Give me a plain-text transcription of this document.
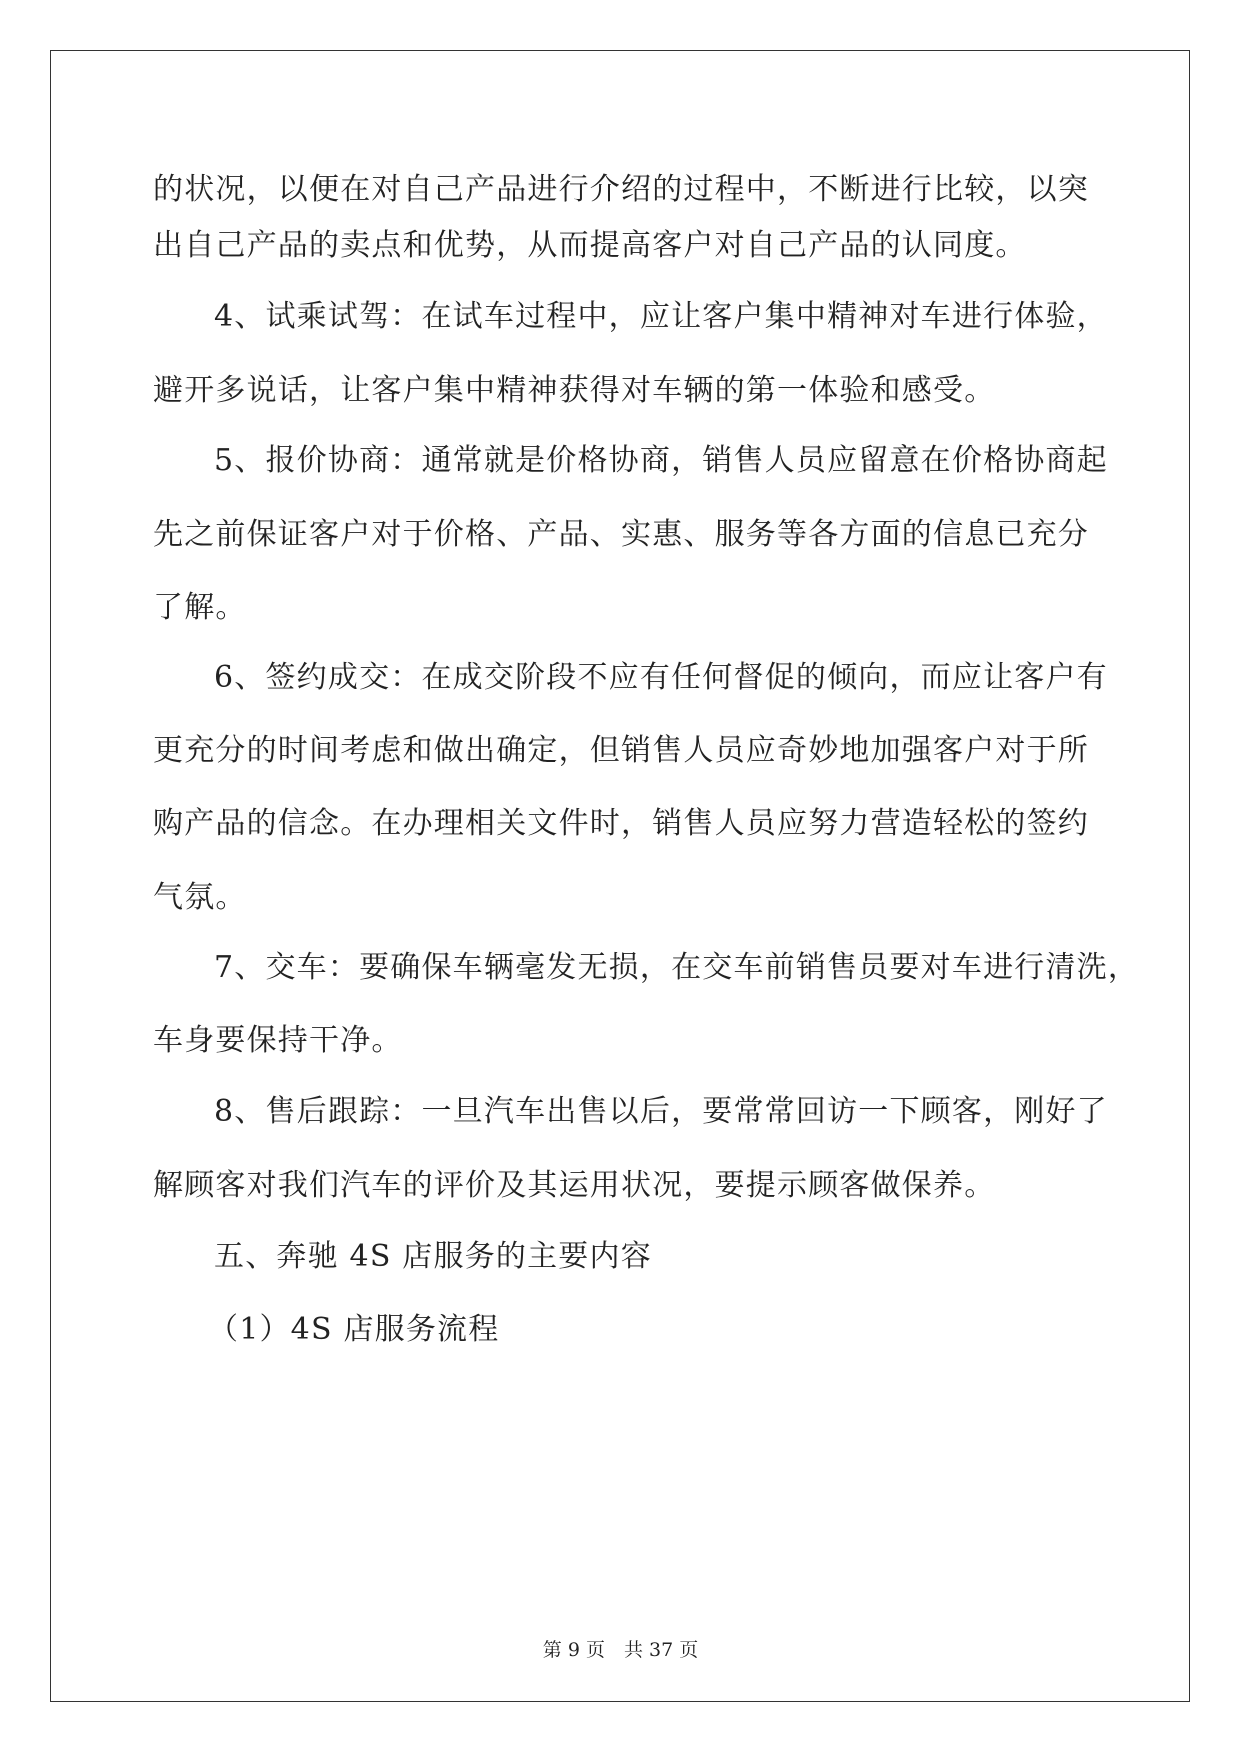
的状况，以便在对自己产品进行介绍的过程中，不断进行比较，以突
出自己产品的卖点和优势，从而提高客户对自己产品的认同度。
4、试乘试驾：在试车过程中，应让客户集中精神对车进行体验，
避开多说话，让客户集中精神获得对车辆的第一体验和感受。
5、报价协商：通常就是价格协商，销售人员应留意在价格协商起
先之前保证客户对于价格、产品、实惠、服务等各方面的信息已充分
了解。
6、签约成交：在成交阶段不应有任何督促的倾向，而应让客户有
更充分的时间考虑和做出确定，但销售人员应奇妙地加强客户对于所
购产品的信念。在办理相关文件时，销售人员应努力营造轻松的签约
气氛。
7、交车：要确保车辆毫发无损，在交车前销售员要对车进行清洗，
车身要保持干净。
8、售后跟踪：一旦汽车出售以后，要常常回访一下顾客，刚好了
解顾客对我们汽车的评价及其运用状况，要提示顾客做保养。
五、奔驰 4S 店服务的主要内容
（1）4S 店服务流程
第 9 页　共 37 页
